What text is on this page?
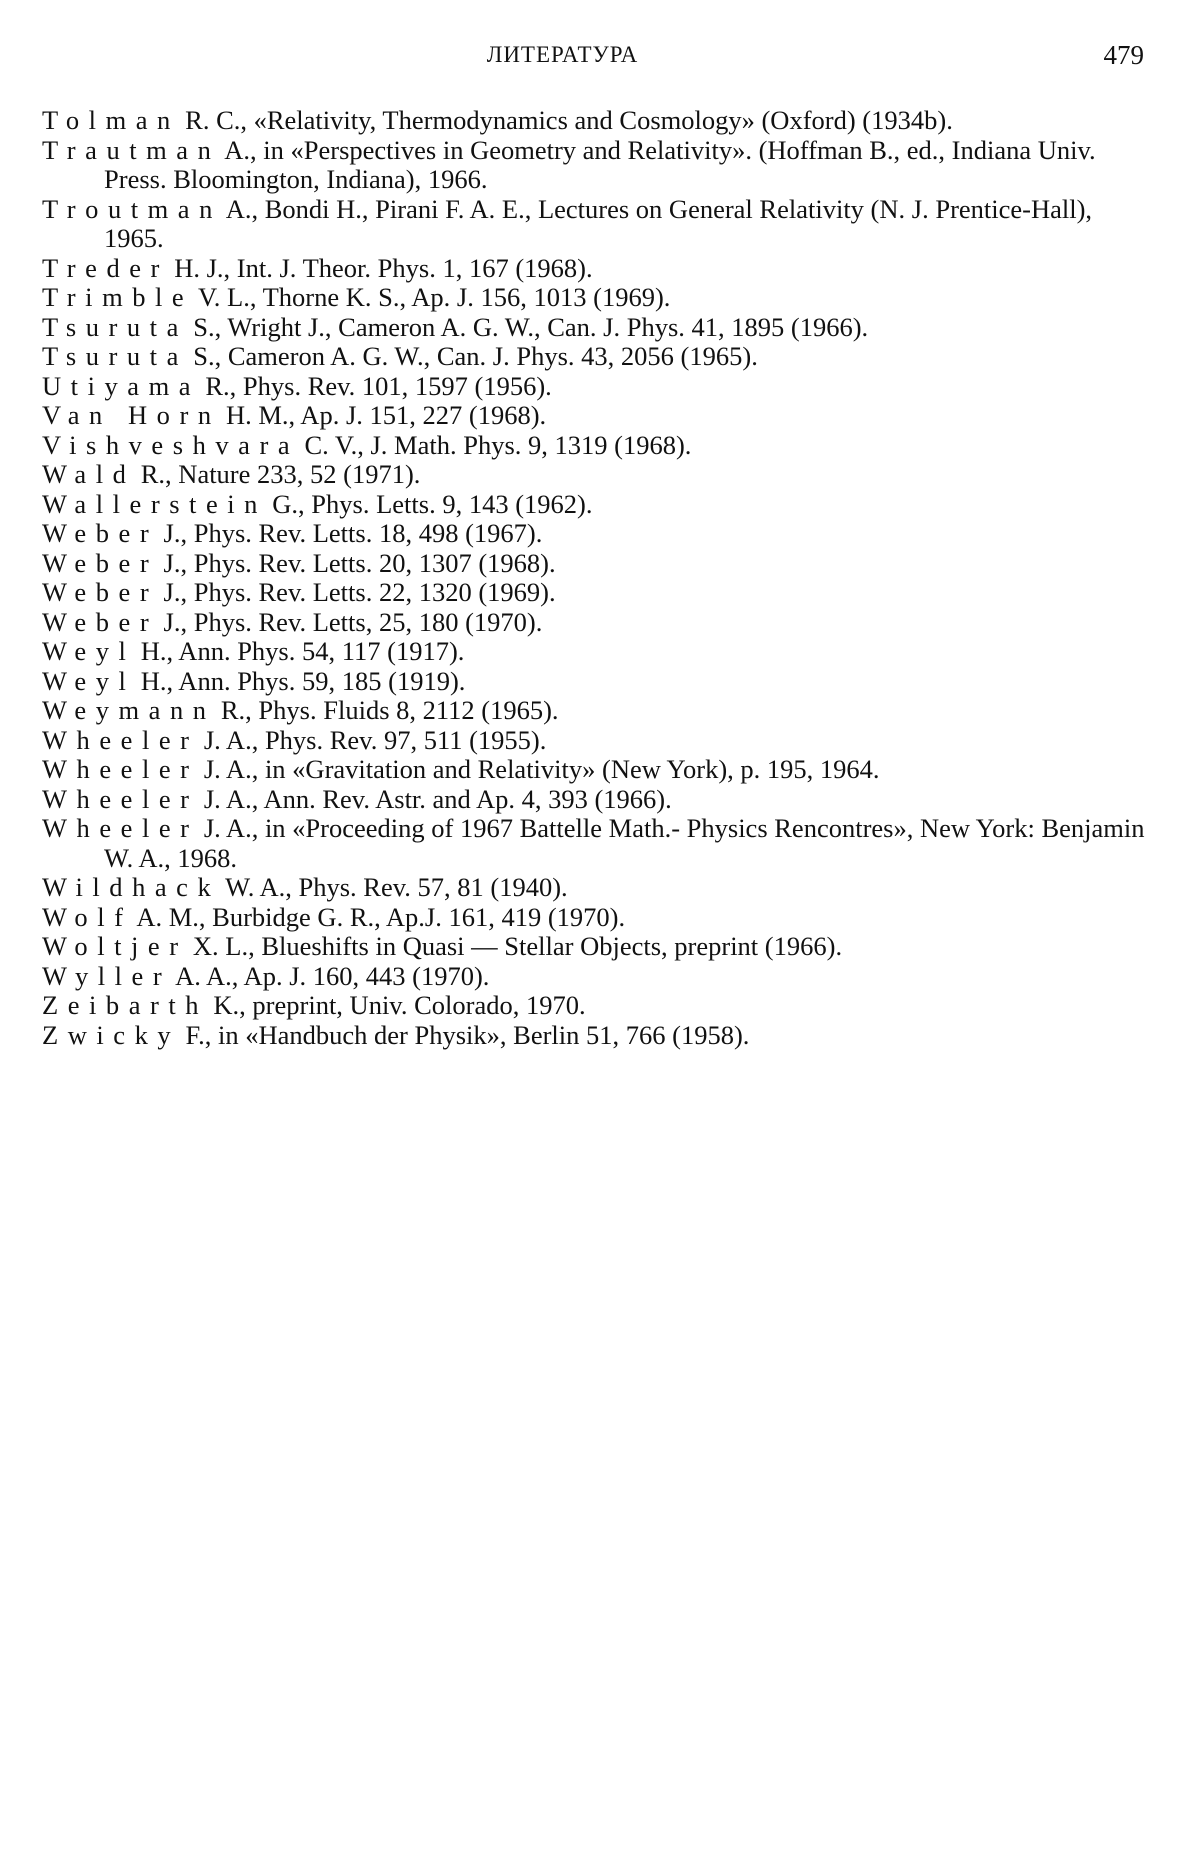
ЛИТЕРАТУРА	479
Tolman R. C., «Relativity, Thermodynamics and Cosmology» (Oxford) (1934b).
Trautman A., in «Perspectives in Geometry and Relativity». (Hoffman B., ed., Indiana Univ. Press. Bloomington, Indiana), 1966.
Troutman A., Bondi H., Pirani F. A. E., Lectures on General Relativity (N. J. Prentice-Hall), 1965.
Treder H. J., Int. J. Theor. Phys. 1, 167 (1968).
Trimble V. L., Thorne K. S., Ap. J. 156, 1013 (1969).
Tsuruta S., Wright J., Cameron A. G. W., Can. J. Phys. 41, 1895 (1966).
Tsuruta S., Cameron A. G. W., Can. J. Phys. 43, 2056 (1965).
Utiyama R., Phys. Rev. 101, 1597 (1956).
Van Horn H. M., Ap. J. 151, 227 (1968).
Vishveshvara C. V., J. Math. Phys. 9, 1319 (1968).
Wald R., Nature 233, 52 (1971).
Wallerstein G., Phys. Letts. 9, 143 (1962).
Weber J., Phys. Rev. Letts. 18, 498 (1967).
Weber J., Phys. Rev. Letts. 20, 1307 (1968).
Weber J., Phys. Rev. Letts. 22, 1320 (1969).
Weber J., Phys. Rev. Letts, 25, 180 (1970).
Weyl H., Ann. Phys. 54, 117 (1917).
Weyl H., Ann. Phys. 59, 185 (1919).
Weymann R., Phys. Fluids 8, 2112 (1965).
Wheeler J. A., Phys. Rev. 97, 511 (1955).
Wheeler J. A., in «Gravitation and Relativity» (New York), p. 195, 1964.
Wheeler J. A., Ann. Rev. Astr. and Ap. 4, 393 (1966).
Wheeler J. A., in «Proceeding of 1967 Battelle Math.- Physics Rencontres», New York: Benjamin W. A., 1968.
Wildhack W. A., Phys. Rev. 57, 81 (1940).
Wolf A. M., Burbidge G. R., Ap.J. 161, 419 (1970).
Woltjer X. L., Blueshifts in Quasi — Stellar Objects, preprint (1966).
Wyller A. A., Ap. J. 160, 443 (1970).
Zeibarth K., preprint, Univ. Colorado, 1970.
Zwicky F., in «Handbuch der Physik», Berlin 51, 766 (1958).
